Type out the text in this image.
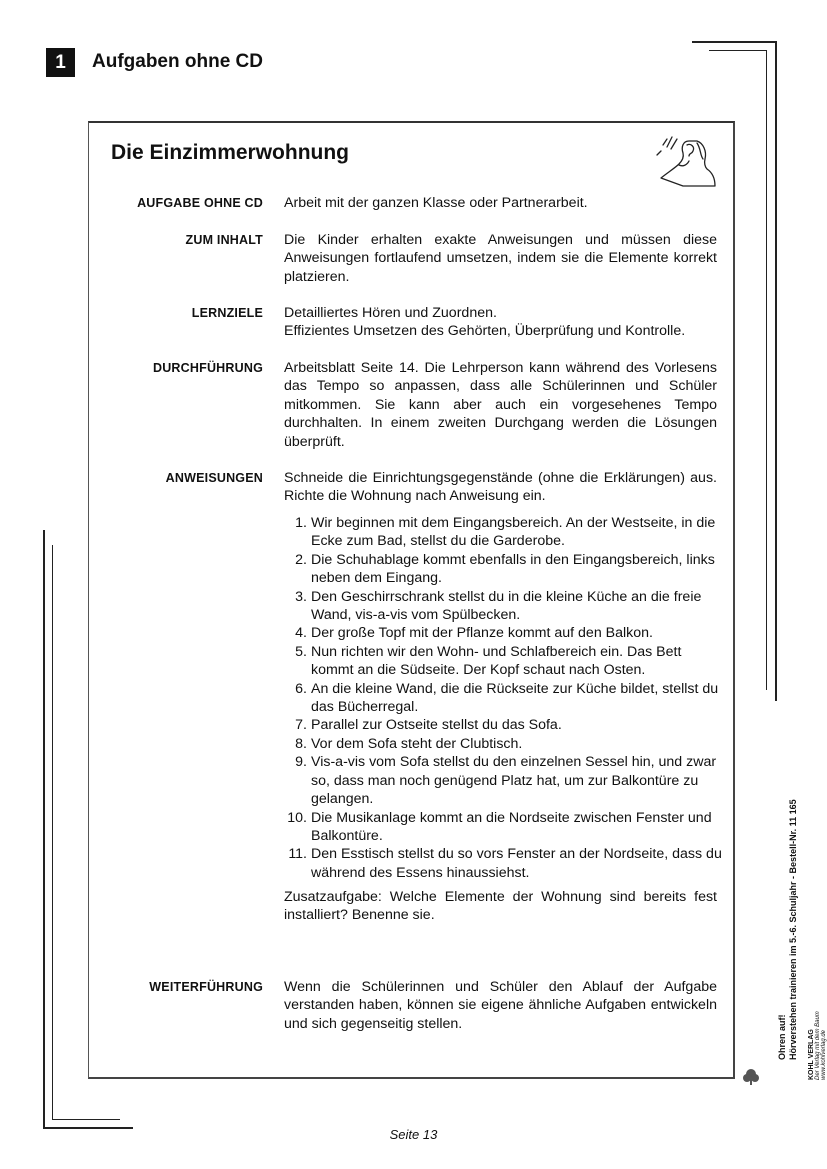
1	Aufgaben ohne CD
Die Einzimmerwohnung
AUFGABE OHNE CD Arbeit mit der ganzen Klasse oder Partnerarbeit.
ZUM INHALT Die Kinder erhalten exakte Anweisungen und müssen diese Anweisungen fortlaufend umsetzen, indem sie die Elemente korrekt platzieren.
LERNZIELE Detailliertes Hören und Zuordnen.

Effizientes Umsetzen des Gehörten, Überprüfung und Kontrolle.

DURCHFÜHRUNG Arbeitsblatt Seite 14. Die Lehrperson kann während des Vorlesens das Tempo so anpassen, dass alle Schülerinnen und Schüler mitkommen. Sie kann aber auch ein vorgesehenes Tempo durchhalten. In einem zweiten Durchgang werden die Lösungen überprüft.
ANWEISUNGEN Schneide die Einrichtungsgegenstände (ohne die Erklärungen) aus. Richte die Wohnung nach Anweisung ein.
1. Wir beginnen mit dem Eingangsbereich. An der Westseite, in die Ecke zum Bad, stellst du die Garderobe.
2. Die Schuhablage kommt ebenfalls in den Eingangsbereich, links neben dem Eingang.
3. Den Geschirrschrank stellst du in die kleine Küche an die freie Wand, vis-a-vis vom Spülbecken.
4. Der große Topf mit der Pflanze kommt auf den Balkon.
5. Nun richten wir den Wohn- und Schlafbereich ein. Das Bett kommt an die Südseite. Der Kopf schaut nach Osten.
6. An die kleine Wand, die die Rückseite zur Küche bildet, stellst du das Bücherregal.
7. Parallel zur Ostseite stellst du das Sofa.
8. Vor dem Sofa steht der Clubtisch.
9. Vis-a-vis vom Sofa stellst du den einzelnen Sessel hin, und zwar so, dass man noch genügend Platz hat, um zur Balkontüre zu gelangen.
10. Die Musikanlage kommt an die Nordseite zwischen Fenster und Balkontüre.
11. Den Esstisch stellst du so vors Fenster an der Nordseite, dass du während des Essens hinaussiehst.
Zusatzaufgabe: Welche Elemente der Wohnung sind bereits fest installiert? Benenne sie.
WEITERFÜHRUNG Wenn die Schülerinnen und Schüler den Ablauf der Aufgabe verstanden haben, können sie eigene ähnliche Aufgaben entwickeln und sich gegenseitig stellen.	Ohren auf! Hörverstehen trainieren im 5.-6. Schuljahr - Bestell-Nr. 11 165 KOHL VERLAG Der Verlag mit dem Baum www.kohlverlag.de
Seite 13
